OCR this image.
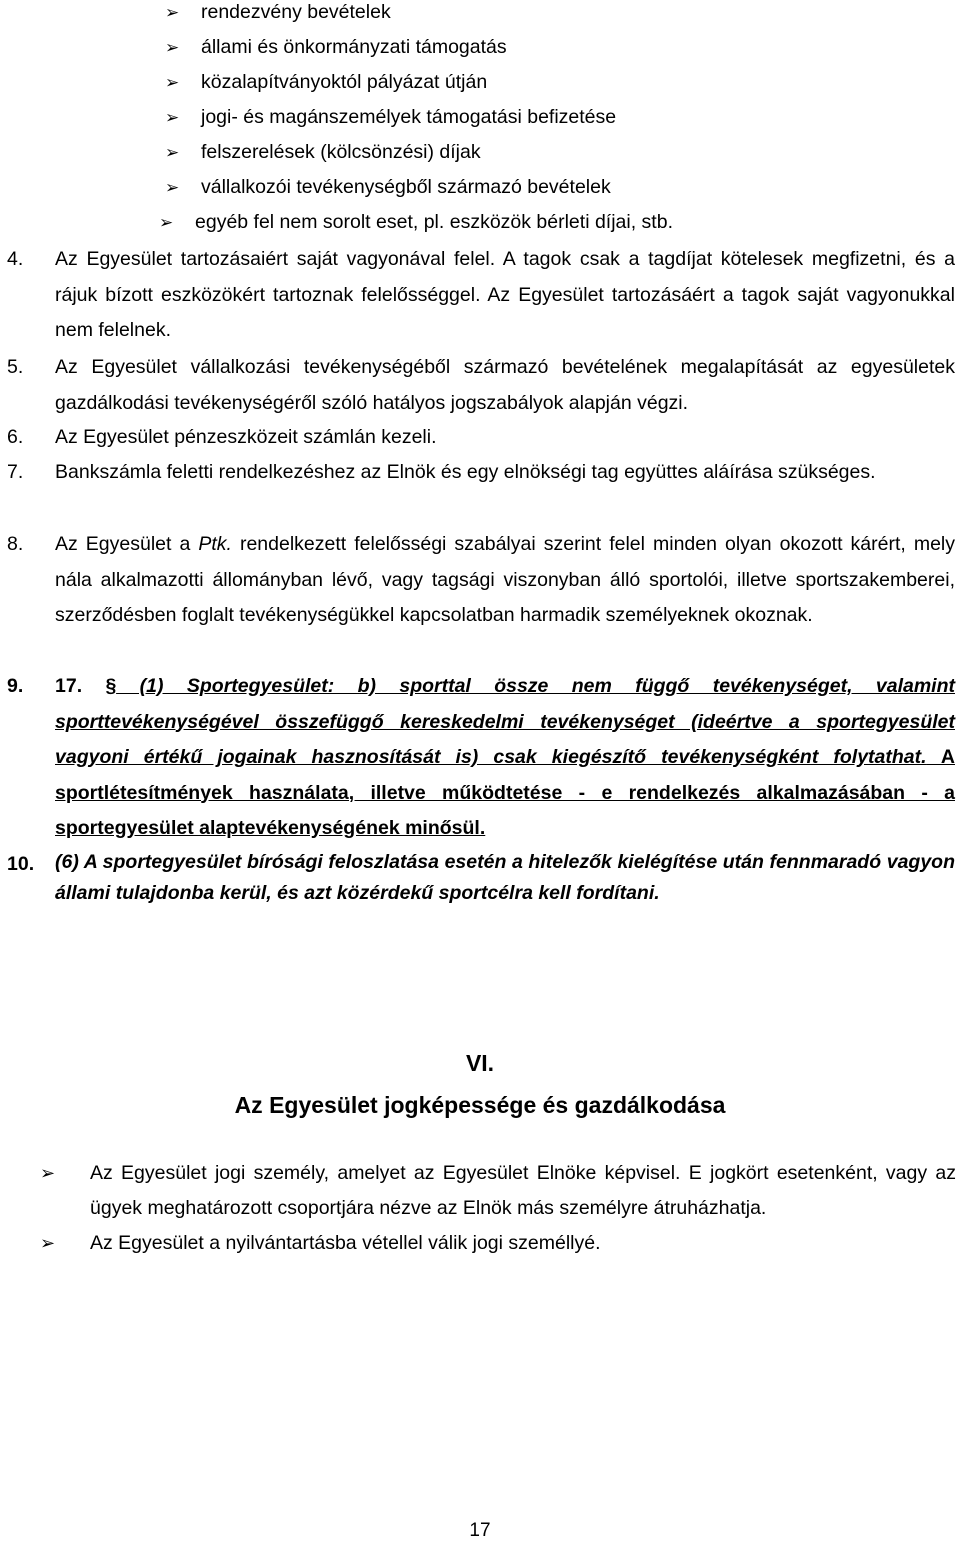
➢	rendezvény bevételek
➢	állami és önkormányzati támogatás
➢	közalapítványoktól pályázat útján
➢	jogi- és magánszemélyek támogatási befizetése
➢	felszerelések (kölcsönzési) díjak
➢	vállalkozói tevékenységből származó bevételek
➢	egyéb fel nem sorolt eset, pl. eszközök bérleti díjai, stb.
4.	Az Egyesület tartozásaiért saját vagyonával felel. A tagok csak a tagdíjat kötelesek megfizetni, és a rájuk bízott eszközökért tartoznak felelősséggel. Az Egyesület tartozásáért a tagok saját vagyonukkal nem felelnek.
5.	Az Egyesület vállalkozási tevékenységéből származó bevételének megalapítását az egyesületek gazdálkodási tevékenységéről szóló hatályos jogszabályok alapján végzi.
6.	Az Egyesület pénzeszközeit számlán kezeli.
7.	Bankszámla feletti rendelkezéshez az Elnök és egy elnökségi tag együttes aláírása szükséges.
8.	Az Egyesület a Ptk. rendelkezett felelősségi szabályai szerint felel minden olyan okozott kárért, mely nála alkalmazotti állományban lévő, vagy tagsági viszonyban álló sportolói, illetve sportszakemberei, szerződésben foglalt tevékenységükkel kapcsolatban harmadik személyeknek okoznak.
9.	17. § (1) Sportegyesület: b) sporttal össze nem függő tevékenységet, valamint sporttevékenységével összefüggő kereskedelmi tevékenységet (ideértve a sportegyesület vagyoni értékű jogainak hasznosítását is) csak kiegészítő tevékenységként folytathat. A sportlétesítmények használata, illetve működtetése - e rendelkezés alkalmazásában - a sportegyesület alaptevékenységének minősül.
10.	(6) A sportegyesület bírósági feloszlatása esetén a hitelezők kielégítése után fennmaradó vagyon állami tulajdonba kerül, és azt közérdekű sportcélra kell fordítani.
VI.
Az Egyesület jogképessége és gazdálkodása
➢	Az Egyesület jogi személy, amelyet az Egyesület Elnöke képvisel. E jogkört esetenként, vagy az ügyek meghatározott csoportjára nézve az Elnök más személyre átruházhatja.
➢	Az Egyesület a nyilvántartásba vétellel válik jogi személlyé.
17
